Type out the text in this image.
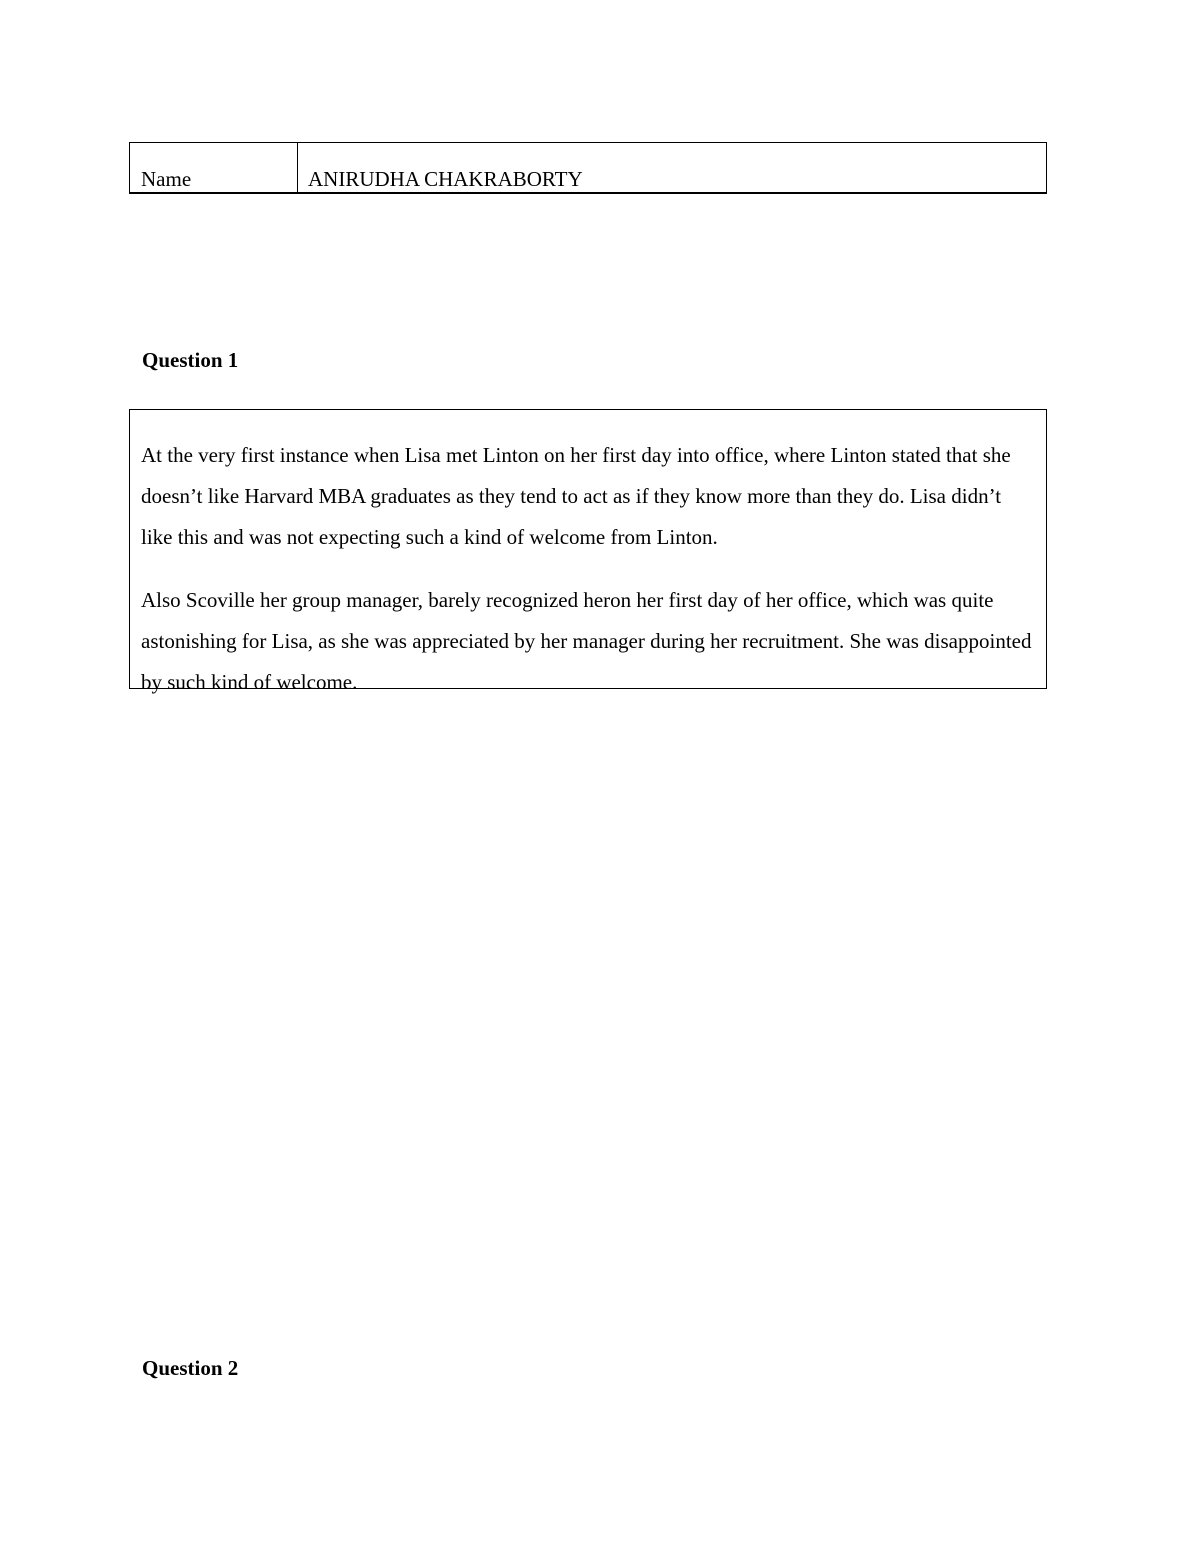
Name	ANIRUDHA CHAKRABORTY
Question 1

At the very first instance when Lisa met Linton on her first day into office, where Linton stated that she doesn’t like Harvard MBA graduates as they tend to act as if they know more than they do. Lisa didn’t like this and was not expecting such a kind of welcome from Linton.

Also Scoville her group manager, barely recognized heron her first day of her office, which was quite astonishing for Lisa, as she was appreciated by her manager during her recruitment. She was disappointed by such kind of welcome.

Question 2
